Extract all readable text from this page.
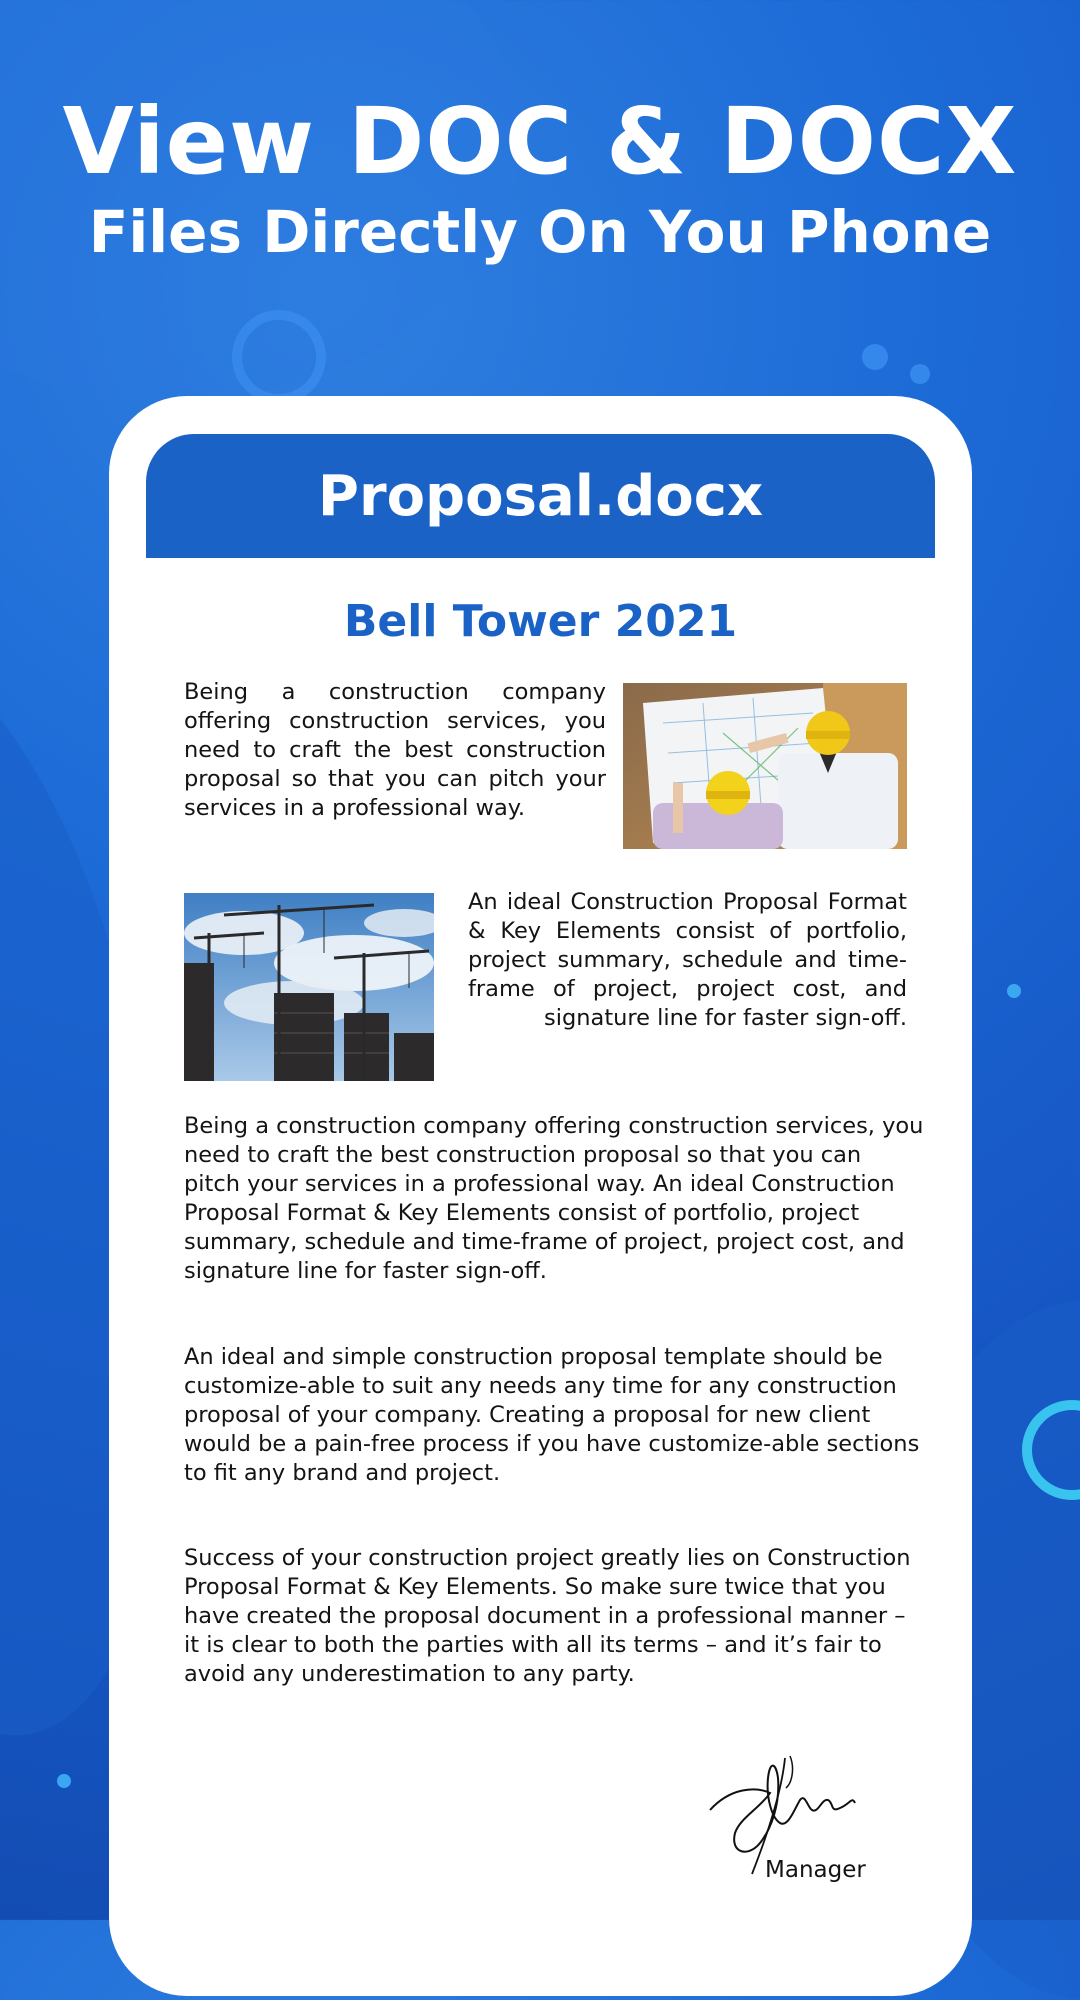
View DOC & DOCX
Files Directly On You Phone
Proposal.docx
Bell Tower 2021
Being a construction company offering construction services, you need to craft the best construction proposal so that you can pitch your services in a professional way.
An ideal Construction Proposal Format & Key Elements consist of portfolio, project summary, schedule and time-frame of project, project cost, and signature line for faster sign-off.
Being a construction company offering construction services, you need to craft the best construction proposal so that you can pitch your services in a professional way. An ideal Construction Proposal Format & Key Elements consist of portfolio, project summary, schedule and time-frame of project, project cost, and signature line for faster sign-off.
An ideal and simple construction proposal template should be customize-able to suit any needs any time for any construction proposal of your company. Creating a proposal for new client would be a pain-free process if you have customize-able sections to fit any brand and project.
Success of your construction project greatly lies on Construction Proposal Format & Key Elements. So make sure twice that you have created the proposal document in a professional manner – it is clear to both the parties with all its terms – and it’s fair to avoid any underestimation to any party.
Manager
